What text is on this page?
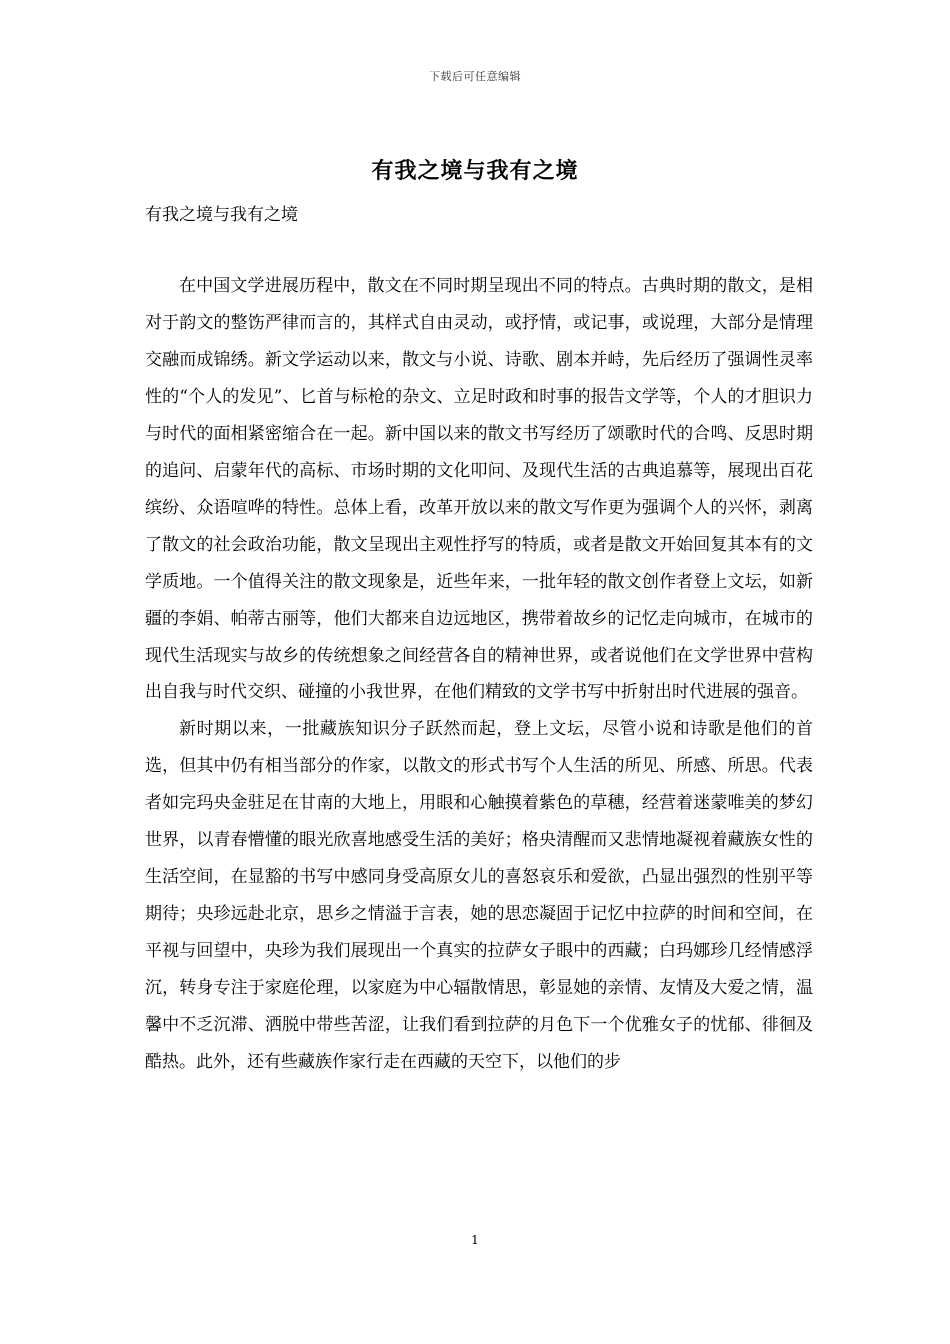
下载后可任意编辑
有我之境与我有之境
有我之境与我有之境

在中国文学进展历程中，散文在不同时期呈现出不同的特点。古典时期的散文，是相对于韵文的整饬严律而言的，其样式自由灵动，或抒情，或记事，或说理，大部分是情理交融而成锦绣。新文学运动以来，散文与小说、诗歌、剧本并峙，先后经历了强调性灵率性的“个人的发见”、匕首与标枪的杂文、立足时政和时事的报告文学等，个人的才胆识力与时代的面相紧密缩合在一起。新中国以来的散文书写经历了颂歌时代的合鸣、反思时期的追问、启蒙年代的高标、市场时期的文化叩问、及现代生活的古典追慕等，展现出百花缤纷、众语喧哗的特性。总体上看，改革开放以来的散文写作更为强调个人的兴怀，剥离了散文的社会政治功能，散文呈现出主观性抒写的特质，或者是散文开始回复其本有的文学质地。一个值得关注的散文现象是，近些年来，一批年轻的散文创作者登上文坛，如新疆的李娟、帕蒂古丽等，他们大都来自边远地区，携带着故乡的记忆走向城市，在城市的现代生活现实与故乡的传统想象之间经营各自的精神世界，或者说他们在文学世界中营构出自我与时代交织、碰撞的小我世界，在他们精致的文学书写中折射出时代进展的强音。

新时期以来，一批藏族知识分子跃然而起，登上文坛，尽管小说和诗歌是他们的首选，但其中仍有相当部分的作家，以散文的形式书写个人生活的所见、所感、所思。代表者如完玛央金驻足在甘南的大地上，用眼和心触摸着紫色的草穗，经营着迷蒙唯美的梦幻世界，以青春懵懂的眼光欣喜地感受生活的美好；格央清醒而又悲情地凝视着藏族女性的生活空间，在显豁的书写中感同身受高原女儿的喜怒哀乐和爱欲，凸显出强烈的性别平等期待；央珍远赴北京，思乡之情溢于言表，她的思恋凝固于记忆中拉萨的时间和空间，在平视与回望中，央珍为我们展现出一个真实的拉萨女子眼中的西藏；白玛娜珍几经情感浮沉，转身专注于家庭伦理，以家庭为中心辐散情思，彰显她的亲情、友情及大爱之情，温馨中不乏沉滞、洒脱中带些苦涩，让我们看到拉萨的月色下一个优雅女子的忧郁、徘徊及酷热。此外，还有些藏族作家行走在西藏的天空下，以他们的步

1
